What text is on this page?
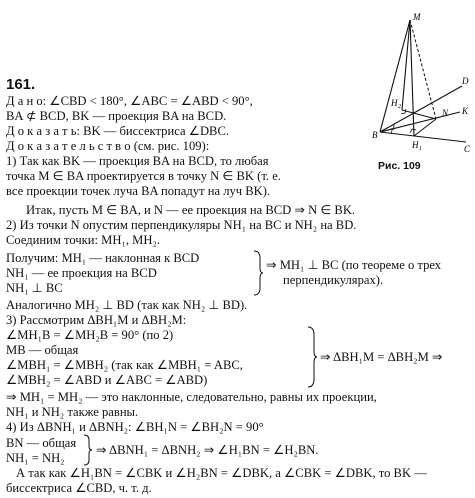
M
D
H 2
N K
B
H 1	C
Рис. 109
161.
Д а н о: ∠CBD < 180°, ∠ABC = ∠ABD < 90°,
BA ⊄ BCD, BK — проекция BA на BCD.
Д о к а з а т ь: BK — биссектриса ∠DBC.
Д о к а з а т е л ь с т в о (см. рис. 109):
1) Так как BK — проекция BA на BCD, то любая
точка M ∈ BA проектируется в точку N ∈ BK (т. е.
все проекции точек луча BA попадут на луч BK).
Итак, пусть M ∈ BA, и N — ее проекция на BCD ⇒ N ∈ BK.
2) Из точки N опустим перпендикуляры NH₁ на BC и NH₂ на BD.
Соединим точки: MH₁, MH₂.
Получим: MH₁ — наклонная к BCD
NH₁ — ее проекция на BCD
NH₁ ⊥ BC
⇒ MH₁ ⊥ BC (по теореме о трех
перпендикулярах).
Аналогично MH₂ ⊥ BD (так как NH₂ ⊥ BD).
3) Рассмотрим ΔBH₁M и ΔBH₂M:
∠MH₁B = ∠MH₂B = 90° (по 2)
MB — общая
∠MBH₁ = ∠MBH₂ (так как ∠MBH₁ = ABC,
∠MBH₂ = ∠ABD и ∠ABC = ∠ABD)
⇒ ΔBH₁M = ΔBH₂M ⇒
⇒ MH₁ = MH₂ — это наклонные, следовательно, равны их проекции,
NH₁ и NH₂ также равны.
4) Из ΔBNH₁ и ΔBNH₂: ∠BH₁N = ∠BH₂N = 90°
BN — общая
NH₁ = NH₂
⇒ ΔBNH₁ = ΔBNH₂ ⇒ ∠H₁BN = ∠H₂BN.
А так как ∠H₁BN = ∠CBK и ∠H₂BN = ∠DBK, а ∠CBK = ∠DBK, то BK —
биссектриса ∠CBD, ч. т. д.
